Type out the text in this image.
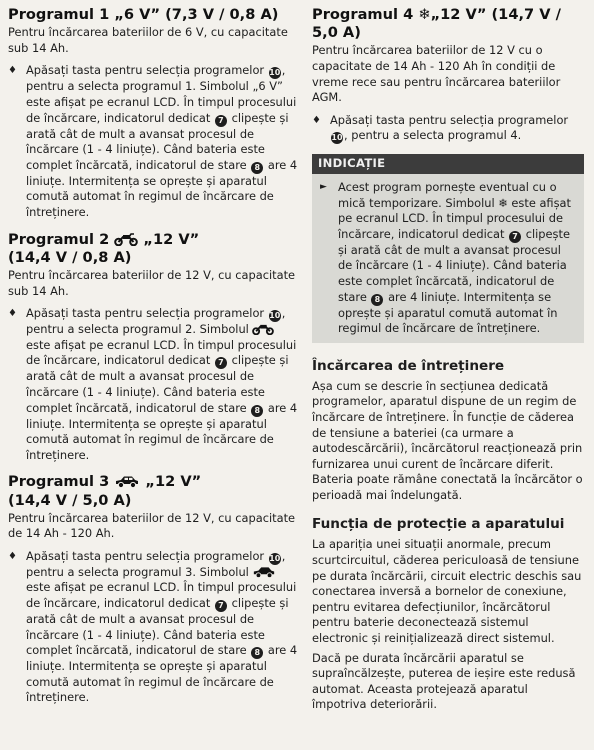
Programul 1 „6 V” (7,3 V / 0,8 A)
Pentru încărcarea bateriilor de 6 V, cu capacitate sub 14 Ah.
♦ Apăsați tasta pentru selecția programelor 10, pentru a selecta programul 1. Simbolul „6 V” este afișat pe ecranul LCD. În timpul procesului de încărcare, indicatorul dedicat 7 clipește și arată cât de mult a avansat procesul de încărcare (1 - 4 liniuțe). Când bateria este complet încărcată, indicatorul de stare 8 are 4 liniuțe. Intermitența se oprește și aparatul comută automat în regimul de încărcare de întreținere.
Programul 2  „12 V”
(14,4 V / 0,8 A)
Pentru încărcarea bateriilor de 12 V, cu capacitate sub 14 Ah.
♦ Apăsați tasta pentru selecția programelor 10, pentru a selecta programul 2. Simbolul  este afișat pe ecranul LCD. În timpul procesului de încărcare, indicatorul dedicat 7 clipește și arată cât de mult a avansat procesul de încărcare (1 - 4 liniuțe). Când bateria este complet încărcată, indicatorul de stare 8 are 4 liniuțe. Intermitența se oprește și aparatul comută automat în regimul de încărcare de întreținere.
Programul 3  „12 V”
(14,4 V / 5,0 A)
Pentru încărcarea bateriilor de 12 V, cu capacitate de 14 Ah - 120 Ah.
♦ Apăsați tasta pentru selecția programelor 10, pentru a selecta programul 3. Simbolul  este afișat pe ecranul LCD. În timpul procesului de încărcare, indicatorul dedicat 7 clipește și arată cât de mult a avansat procesul de încărcare (1 - 4 liniuțe). Când bateria este complet încărcată, indicatorul de stare 8 are 4 liniuțe. Intermitența se oprește și aparatul comută automat în regimul de încărcare de întreținere.
Programul 4 ❄„12 V” (14,7 V / 5,0 A)
Pentru încărcarea bateriilor de 12 V cu o capacitate de 14 Ah - 120 Ah în condiții de vreme rece sau pentru încărcarea bateriilor AGM.
♦ Apăsați tasta pentru selecția programelor 10, pentru a selecta programul 4.
INDICAȚIE
► Acest program pornește eventual cu o mică temporizare. Simbolul ❄ este afișat pe ecranul LCD. În timpul procesului de încărcare, indicatorul dedicat 7 clipește și arată cât de mult a avansat procesul de încărcare (1 - 4 liniuțe). Când bateria este complet încărcată, indicatorul de stare 8 are 4 liniuțe. Intermitența se oprește și aparatul comută automat în regimul de încărcare de întreținere.
Încărcarea de întreținere

Așa cum se descrie în secțiunea dedicată programelor, aparatul dispune de un regim de încărcare de întreținere. În funcție de căderea de tensiune a bateriei (ca urmare a autodescărcării), încărcătorul reacționează prin furnizarea unui curent de încărcare diferit. Bateria poate rămâne conectată la încărcător o perioadă mai îndelungată.

Funcția de protecție a aparatului

La apariția unei situații anormale, precum scurtcircuitul, căderea periculoasă de tensiune pe durata încărcării, circuit electric deschis sau conectarea inversă a bornelor de conexiune, pentru evitarea defecțiunilor, încărcătorul pentru baterie deconectează sistemul electronic și reinițializează direct sistemul.

Dacă pe durata încărcării aparatul se supraîncălzește, puterea de ieșire este redusă automat. Aceasta protejează aparatul împotriva deteriorării.
